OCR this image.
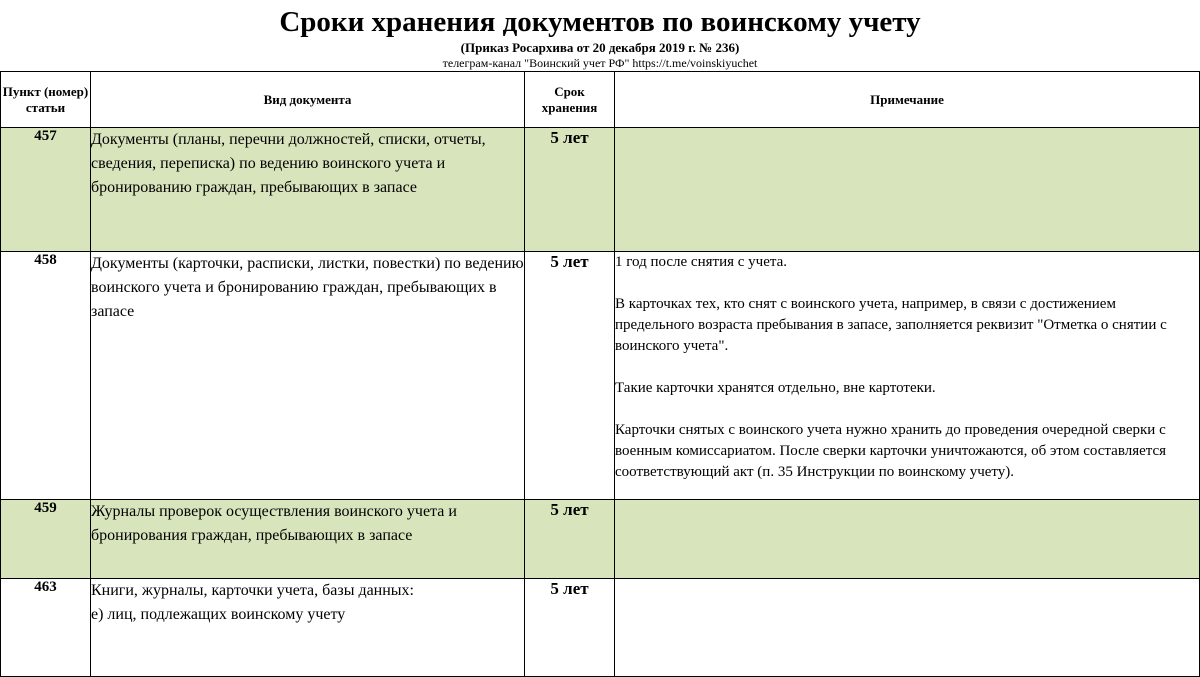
Сроки хранения документов по воинскому учету
(Приказ Росархива от 20 декабря 2019 г. № 236)
телеграм-канал "Воинский учет РФ" https://t.me/voinskiyuchet
Пункт (номер) статьи	Вид документа	Срок хранения	Примечание
457	Документы (планы, перечни должностей, списки, отчеты, сведения, переписка) по ведению воинского учета и бронированию граждан, пребывающих в запасе	5 лет	
458	Документы (карточки, расписки, листки, повестки) по ведению воинского учета и бронированию граждан, пребывающих в запасе	5 лет	1 год после снятия с учета.

В карточках тех, кто снят с воинского учета, например, в связи с достижением предельного возраста пребывания в запасе, заполняется реквизит "Отметка о снятии с воинского учета".

Такие карточки хранятся отдельно, вне картотеки.

Карточки снятых с воинского учета нужно хранить до проведения очередной сверки с военным комиссариатом. После сверки карточки уничтожаются, об этом составляется соответствующий акт (п. 35 Инструкции по воинскому учету).

459	Журналы проверок осуществления воинского учета и бронирования граждан, пребывающих в запасе	5 лет	
463	Книги, журналы, карточки учета, базы данных:
е) лиц, подлежащих воинскому учету	5 лет	
